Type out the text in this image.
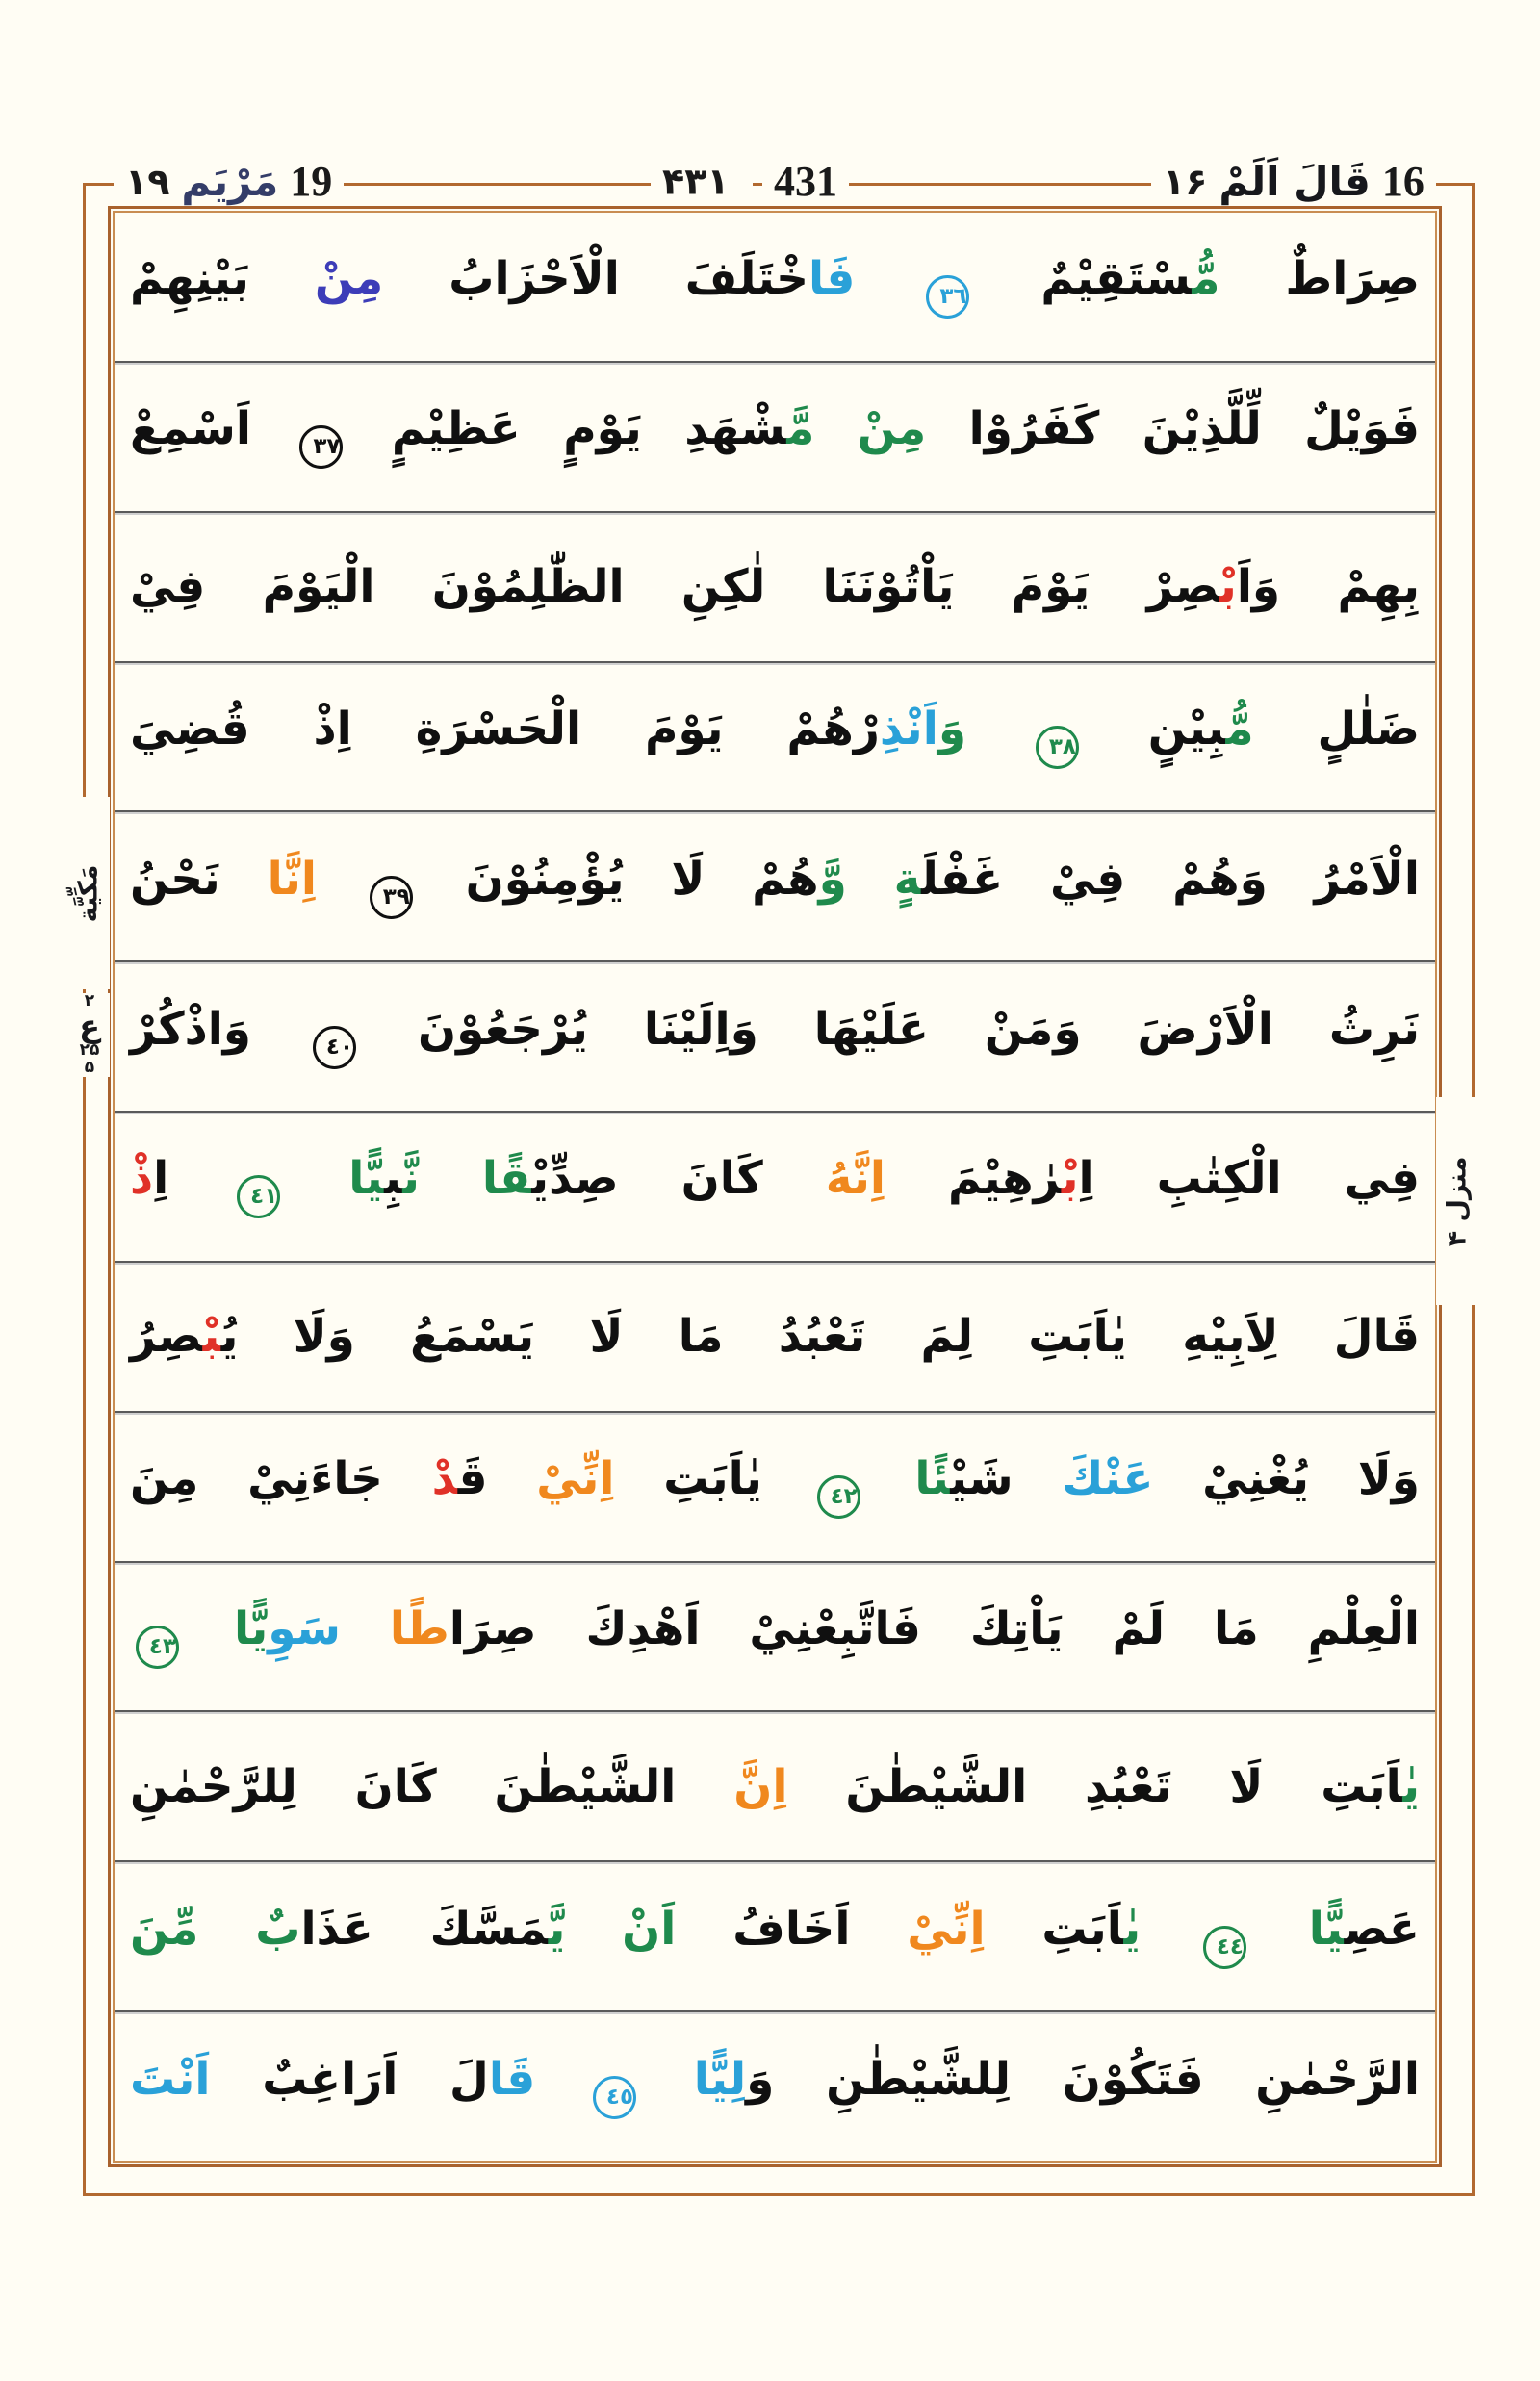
19
مَرْيَم
۱۹	۴۳۱ 431	16
قَالَ اَلَمْ
۱۶
صِرَاطٌ مُّسْتَقِيْمٌ ٣٦ فَاخْتَلَفَ الْاَحْزَابُ مِنْ بَيْنِهِمْ
فَوَيْلٌ لِّلَّذِيْنَ كَفَرُوْا مِنْ مَّشْهَدِ يَوْمٍ عَظِيْمٍ ٣٧ اَسْمِعْ
بِهِمْ وَاَبْصِرْ يَوْمَ يَاْتُوْنَنَا لٰكِنِ الظّٰلِمُوْنَ الْيَوْمَ فِيْ
ضَلٰلٍ مُّبِيْنٍ ٣٨ وَاَنْذِرْهُمْ يَوْمَ الْحَسْرَةِ اِذْ قُضِيَ
الْاَمْرُ وَهُمْ فِيْ غَفْلَةٍ وَّهُمْ لَا يُؤْمِنُوْنَ ٣٩ اِنَّا نَحْنُ
نَرِثُ الْاَرْضَ وَمَنْ عَلَيْهَا وَاِلَيْنَا يُرْجَعُوْنَ ٤٠ وَاذْكُرْ
فِي الْكِتٰبِ اِبْرٰهِيْمَ اِنَّهُ كَانَ صِدِّيْقًا نَّبِيًّا ٤١ اِذْ
قَالَ لِاَبِيْهِ يٰاَبَتِ لِمَ تَعْبُدُ مَا لَا يَسْمَعُ وَلَا يُبْصِرُ
وَلَا يُغْنِيْ عَنْكَ شَيْئًا ٤٢ يٰاَبَتِ اِنِّيْ قَدْ جَاءَنِيْ مِنَ
الْعِلْمِ مَا لَمْ يَاْتِكَ فَاتَّبِعْنِيْ اَهْدِكَ صِرَاطًا سَوِيًّا ٤٣
يٰاَبَتِ لَا تَعْبُدِ الشَّيْطٰنَ اِنَّ الشَّيْطٰنَ كَانَ لِلرَّحْمٰنِ
عَصِيًّا ٤٤ يٰاَبَتِ اِنِّيْ اَخَافُ اَنْ يَّمَسَّكَ عَذَابٌ مِّنَ
الرَّحْمٰنِ فَتَكُوْنَ لِلشَّيْطٰنِ وَلِيًّا ٤٥ قَالَ اَرَاغِبٌ اَنْتَ
مَكِّيَّة
٢
ع
۲۵
۵
منزل ۴
